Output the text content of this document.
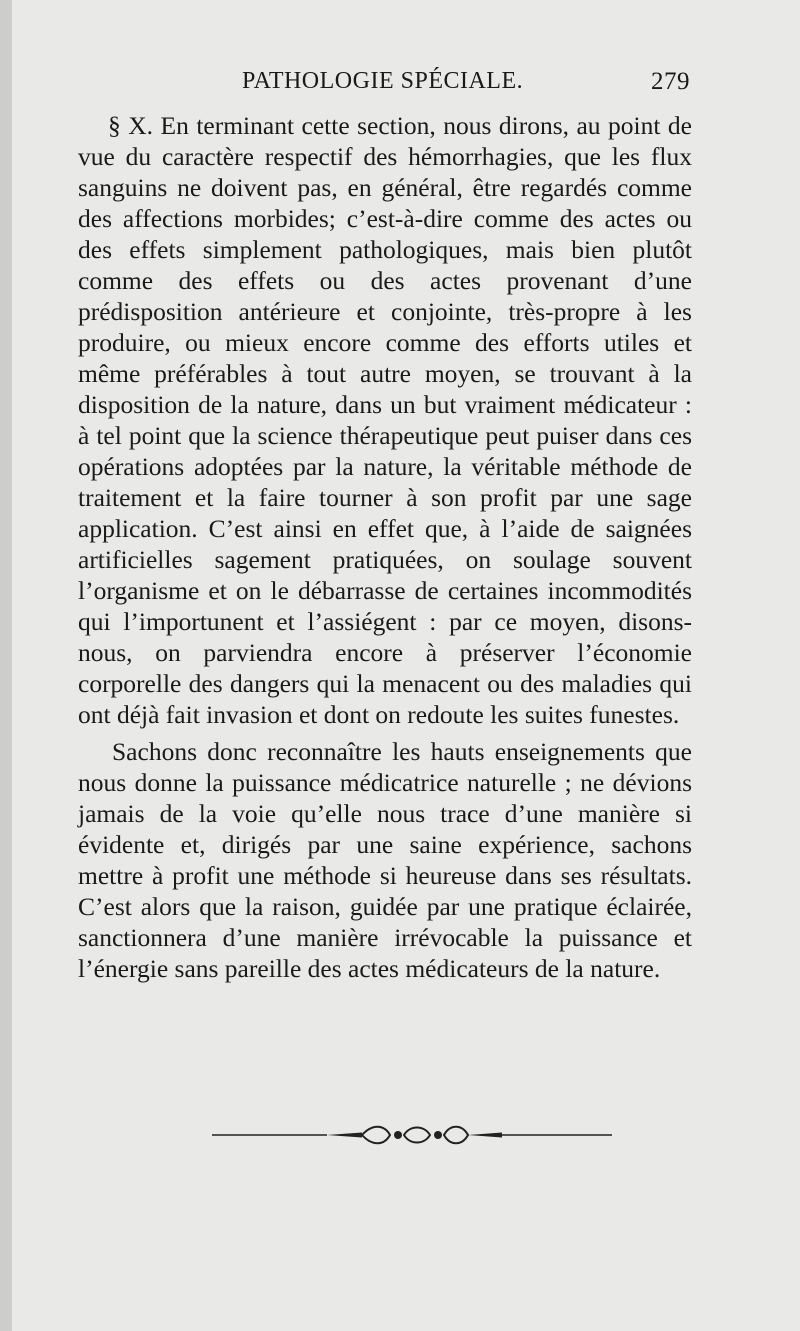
PATHOLOGIE SPÉCIALE.	279

§ X. En terminant cette section, nous dirons, au point de vue du caractère respectif des hémorrhagies, que les flux sanguins ne doivent pas, en général, être regardés comme des affections morbides; c’est-à-dire comme des actes ou des effets simplement pathologiques, mais bien plutôt comme des effets ou des actes provenant d’une prédisposition antérieure et conjointe, très-propre à les produire, ou mieux encore comme des efforts utiles et même préférables à tout autre moyen, se trouvant à la disposition de la nature, dans un but vraiment médicateur : à tel point que la science thérapeutique peut puiser dans ces opérations adoptées par la nature, la véritable méthode de traitement et la faire tourner à son profit par une sage application. C’est ainsi en effet que, à l’aide de saignées artificielles sagement pratiquées, on soulage souvent l’organisme et on le débarrasse de certaines incommodités qui l’importunent et l’assiégent : par ce moyen, disons-nous, on parviendra encore à préserver l’économie corporelle des dangers qui la menacent ou des maladies qui ont déjà fait invasion et dont on redoute les suites funestes.

Sachons donc reconnaître les hauts enseignements que nous donne la puissance médicatrice naturelle ; ne dévions jamais de la voie qu’elle nous trace d’une manière si évidente et, dirigés par une saine expérience, sachons mettre à profit une méthode si heureuse dans ses résultats. C’est alors que la raison, guidée par une pratique éclairée, sanctionnera d’une manière irrévocable la puissance et l’énergie sans pareille des actes médicateurs de la nature.
